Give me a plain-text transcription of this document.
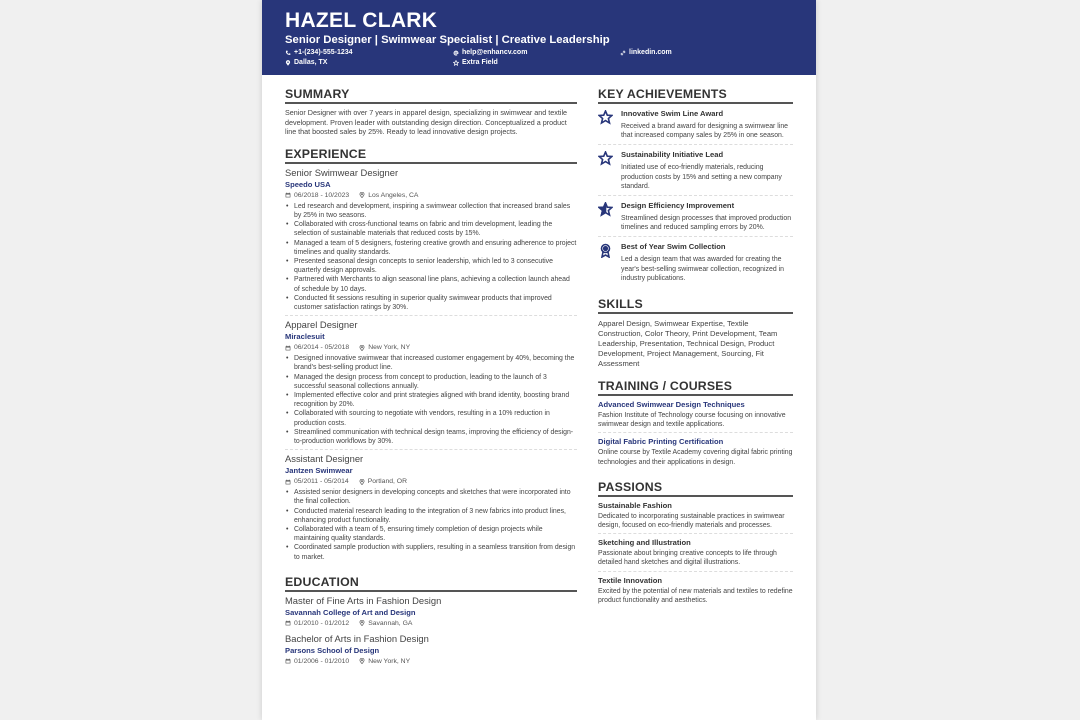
HAZEL CLARK
Senior Designer | Swimwear Specialist | Creative Leadership
+1-(234)-555-1234	help@enhancv.com	linkedin.com
Dallas, TX	Extra Field
SUMMARY
Senior Designer with over 7 years in apparel design, specializing in swimwear and textile development. Proven leader with outstanding design direction. Conceptualized a product line that boosted sales by 25%. Ready to lead innovative design projects.
EXPERIENCE
Senior Swimwear Designer
Speedo USA
06/2018 - 10/2023	Los Angeles, CA
• Led research and development, inspiring a swimwear collection that increased brand sales by 25% in two seasons.
• Collaborated with cross-functional teams on fabric and trim development, leading the selection of sustainable materials that reduced costs by 15%.
• Managed a team of 5 designers, fostering creative growth and ensuring adherence to project timelines and quality standards.
• Presented seasonal design concepts to senior leadership, which led to 3 consecutive quarterly design approvals.
• Partnered with Merchants to align seasonal line plans, achieving a collection launch ahead of schedule by 10 days.
• Conducted fit sessions resulting in superior quality swimwear products that improved customer satisfaction ratings by 30%.
Apparel Designer
Miraclesuit
06/2014 - 05/2018	New York, NY
• Designed innovative swimwear that increased customer engagement by 40%, becoming the brand's best-selling product line.
• Managed the design process from concept to production, leading to the launch of 3 successful seasonal collections annually.
• Implemented effective color and print strategies aligned with brand identity, boosting brand recognition by 20%.
• Collaborated with sourcing to negotiate with vendors, resulting in a 10% reduction in production costs.
• Streamlined communication with technical design teams, improving the efficiency of design-to-production workflows by 30%.
Assistant Designer
Jantzen Swimwear
05/2011 - 05/2014	Portland, OR
• Assisted senior designers in developing concepts and sketches that were incorporated into the final collection.
• Conducted material research leading to the integration of 3 new fabrics into product lines, enhancing product functionality.
• Collaborated with a team of 5, ensuring timely completion of design projects while maintaining quality standards.
• Coordinated sample production with suppliers, resulting in a seamless transition from design to market.
EDUCATION
Master of Fine Arts in Fashion Design
Savannah College of Art and Design
01/2010 - 01/2012	Savannah, GA
Bachelor of Arts in Fashion Design
Parsons School of Design
01/2006 - 01/2010	New York, NY
KEY ACHIEVEMENTS
Innovative Swim Line Award
Received a brand award for designing a swimwear line that increased company sales by 25% in one season.
Sustainability Initiative Lead
Initiated use of eco-friendly materials, reducing production costs by 15% and setting a new company standard.
Design Efficiency Improvement
Streamlined design processes that improved production timelines and reduced sampling errors by 20%.
Best of Year Swim Collection
Led a design team that was awarded for creating the year's best-selling swimwear collection, recognized in industry publications.
SKILLS
Apparel Design, Swimwear Expertise, Textile Construction, Color Theory, Print Development, Team Leadership, Presentation, Technical Design, Product Development, Project Management, Sourcing, Fit Assessment
TRAINING / COURSES
Advanced Swimwear Design Techniques
Fashion Institute of Technology course focusing on innovative swimwear design and textile applications.
Digital Fabric Printing Certification
Online course by Textile Academy covering digital fabric printing technologies and their applications in design.
PASSIONS
Sustainable Fashion
Dedicated to incorporating sustainable practices in swimwear design, focused on eco-friendly materials and processes.
Sketching and Illustration
Passionate about bringing creative concepts to life through detailed hand sketches and digital illustrations.
Textile Innovation
Excited by the potential of new materials and textiles to redefine product functionality and aesthetics.
